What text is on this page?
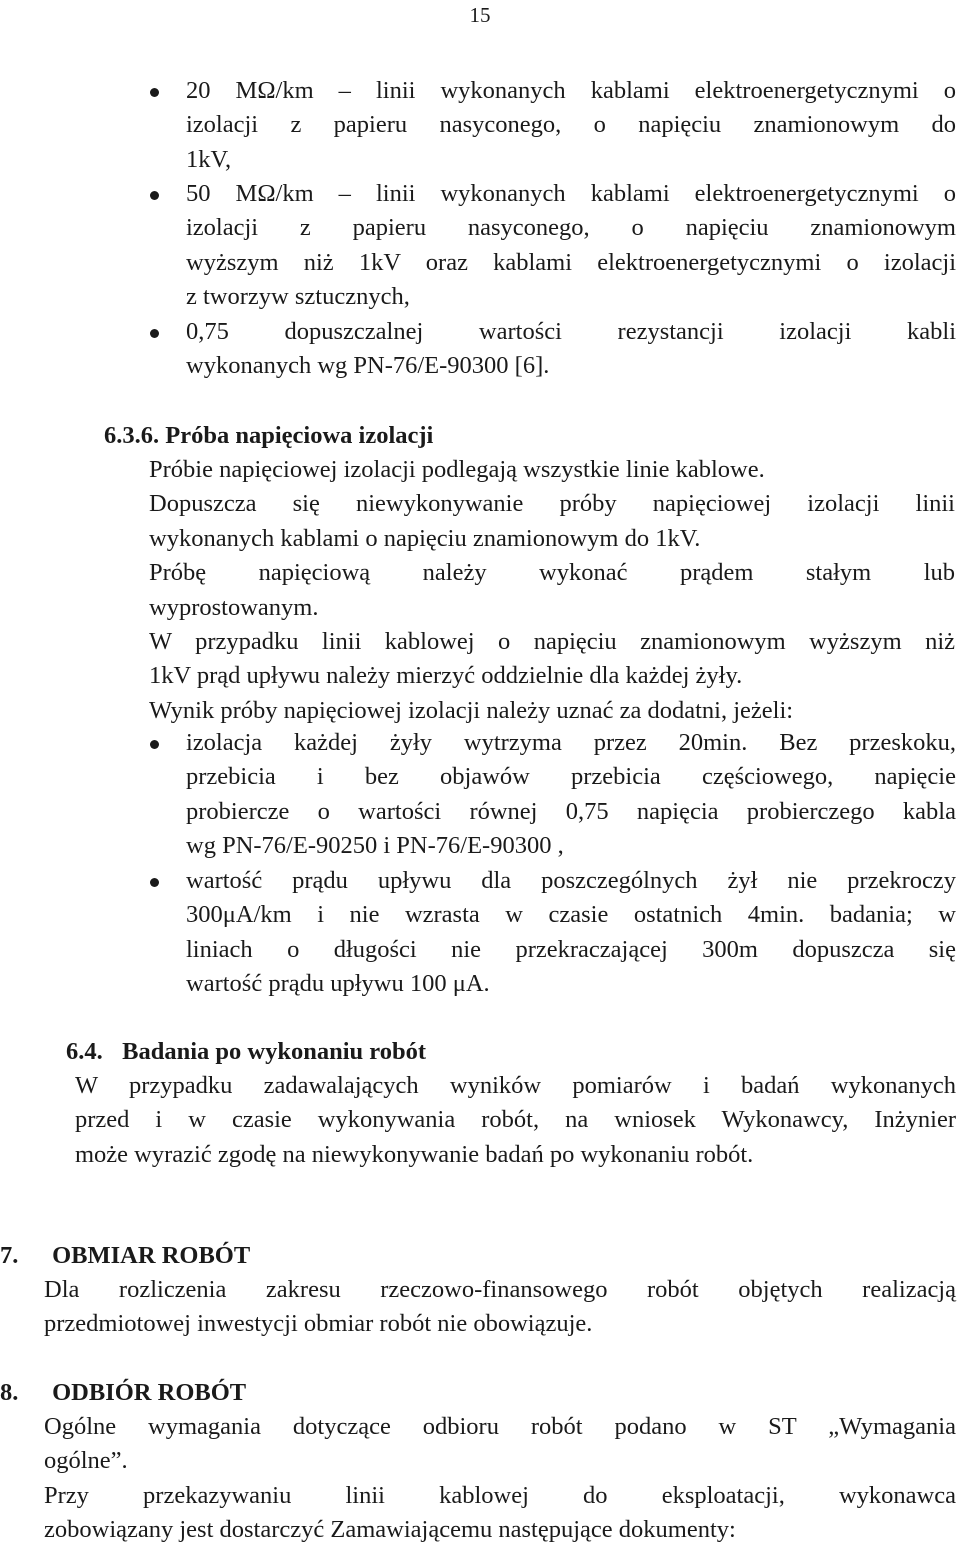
15

20 MΩ/km – linii wykonanych kablami elektroenergetycznymi o

izolacji z papieru nasyconego, o napięciu znamionowym do

1kV,

50 MΩ/km – linii wykonanych kablami elektroenergetycznymi o

izolacji z papieru nasyconego, o napięciu znamionowym

wyższym niż 1kV oraz kablami elektroenergetycznymi o izolacji

z tworzyw sztucznych,

0,75 dopuszczalnej wartości rezystancji izolacji kabli

wykonanych wg PN-76/E-90300 [6].

6.3.6. Próba napięciowa izolacji

Próbie napięciowej izolacji podlegają wszystkie linie kablowe.

Dopuszcza się niewykonywanie próby napięciowej izolacji linii

wykonanych kablami o napięciu znamionowym do 1kV.

Próbę napięciową należy wykonać prądem stałym lub

wyprostowanym.

W przypadku linii kablowej o napięciu znamionowym wyższym niż

1kV prąd upływu należy mierzyć oddzielnie dla każdej żyły.

Wynik próby napięciowej izolacji należy uznać za dodatni, jeżeli:

izolacja każdej żyły wytrzyma przez 20min. Bez przeskoku,

przebicia i bez objawów przebicia częściowego, napięcie

probiercze o wartości równej 0,75 napięcia probierczego kabla

wg PN-76/E-90250 i PN-76/E-90300 ,

wartość prądu upływu dla poszczególnych żył nie przekroczy

300μA/km i nie wzrasta w czasie ostatnich 4min. badania; w

liniach o długości nie przekraczającej 300m dopuszcza się

wartość prądu upływu 100 μA.

6.4. Badania po wykonaniu robót

W przypadku zadawalających wyników pomiarów i badań wykonanych

przed i w czasie wykonywania robót, na wniosek Wykonawcy, Inżynier

może wyrazić zgodę na niewykonywanie badań po wykonaniu robót.

7. OBMIAR ROBÓT

Dla rozliczenia zakresu rzeczowo-finansowego robót objętych realizacją

przedmiotowej inwestycji obmiar robót nie obowiązuje.

8. ODBIÓR ROBÓT

Ogólne wymagania dotyczące odbioru robót podano w ST „Wymagania

ogólne”.

Przy przekazywaniu linii kablowej do eksploatacji, wykonawca

zobowiązany jest dostarczyć Zamawiającemu następujące dokumenty:
